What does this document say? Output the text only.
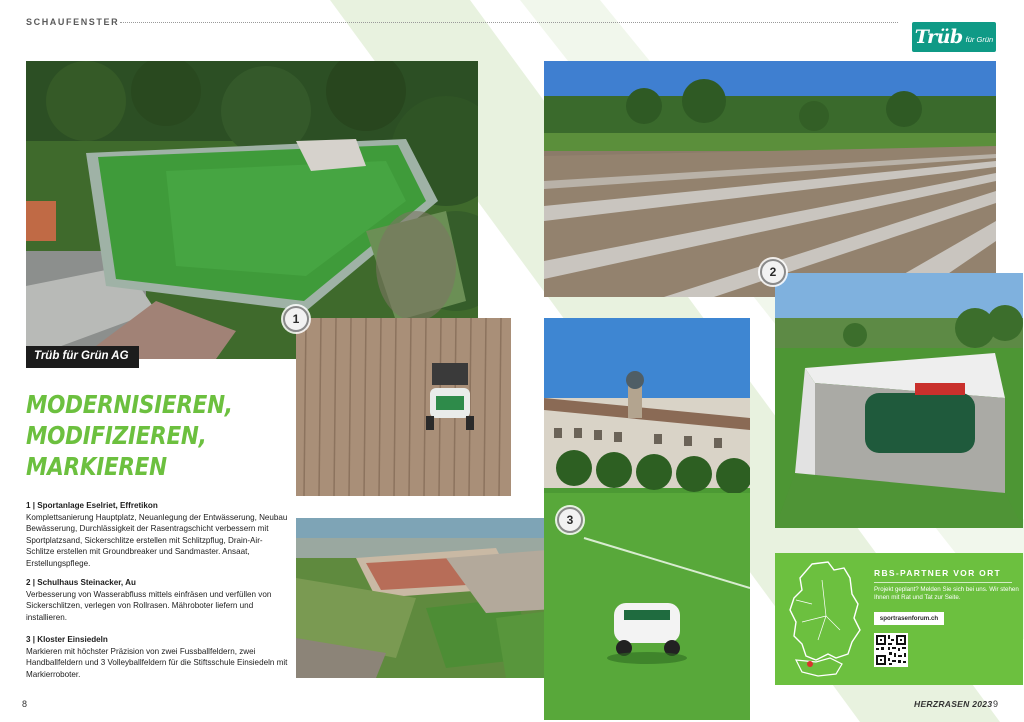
SCHAUFENSTER
Trüb für Grün
1
2
3
Trüb für Grün AG
MODERNISIEREN,
MODIFIZIEREN,
MARKIEREN
1 | Sportanlage Eselriet, Effretikon
Komplettsanierung Hauptplatz, Neuanlegung der Entwässerung, Neubau Bewässerung, Durchlässigkeit der Rasentragschicht verbessern mit Sportplatzsand, Sickerschlitze erstellen mit Schlitzpflug, Drain-Air-Schlitze erstellen mit Groundbreaker und Sandmaster. Ansaat, Erstellungspflege.
2 | Schulhaus Steinacker, Au
Verbesserung von Wasserabfluss mittels einfräsen und verfüllen von Sickerschlitzen, verlegen von Rollrasen. Mähroboter liefern und installieren.
3 | Kloster Einsiedeln
Markieren mit höchster Präzision von zwei Fussballfeldern, zwei Handballfeldern und 3 Volleyballfeldern für die Stiftsschule Einsiedeln mit Markierroboter.
RBS-PARTNER VOR ORT
Projekt geplant? Melden Sie sich bei uns. Wir stehen Ihnen mit Rat und Tat zur Seite.
sportrasenforum.ch
8	HERZRASEN 2023 9
